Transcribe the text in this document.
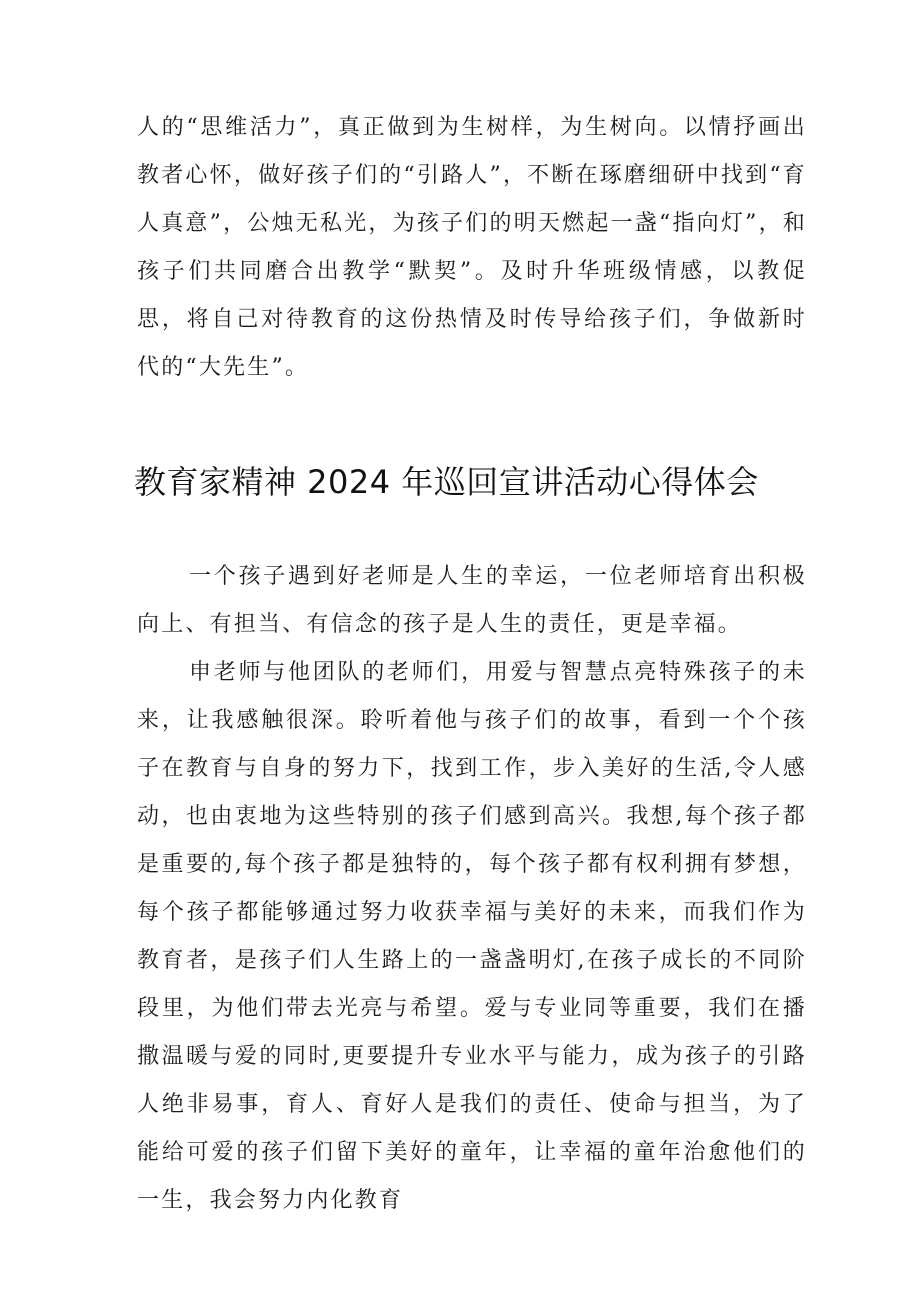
人的“思维活力”，真正做到为生树样，为生树向。以情抒画出教者心怀，做好孩子们的“引路人”，不断在琢磨细研中找到“育人真意”，公烛无私光，为孩子们的明天燃起一盏“指向灯”，和孩子们共同磨合出教学“默契”。及时升华班级情感，以教促思，将自己对待教育的这份热情及时传导给孩子们，争做新时代的“大先生”。

教育家精神 2024 年巡回宣讲活动心得体会

一个孩子遇到好老师是人生的幸运，一位老师培育出积极向上、有担当、有信念的孩子是人生的责任，更是幸福。

申老师与他团队的老师们，用爱与智慧点亮特殊孩子的未来，让我感触很深。聆听着他与孩子们的故事，看到一个个孩子在教育与自身的努力下，找到工作，步入美好的生活,令人感动，也由衷地为这些特别的孩子们感到高兴。我想,每个孩子都是重要的,每个孩子都是独特的，每个孩子都有权利拥有梦想，每个孩子都能够通过努力收获幸福与美好的未来，而我们作为教育者，是孩子们人生路上的一盏盏明灯,在孩子成长的不同阶段里，为他们带去光亮与希望。爱与专业同等重要，我们在播撒温暖与爱的同时,更要提升专业水平与能力，成为孩子的引路人绝非易事，育人、育好人是我们的责任、使命与担当，为了能给可爱的孩子们留下美好的童年，让幸福的童年治愈他们的一生，我会努力内化教育
